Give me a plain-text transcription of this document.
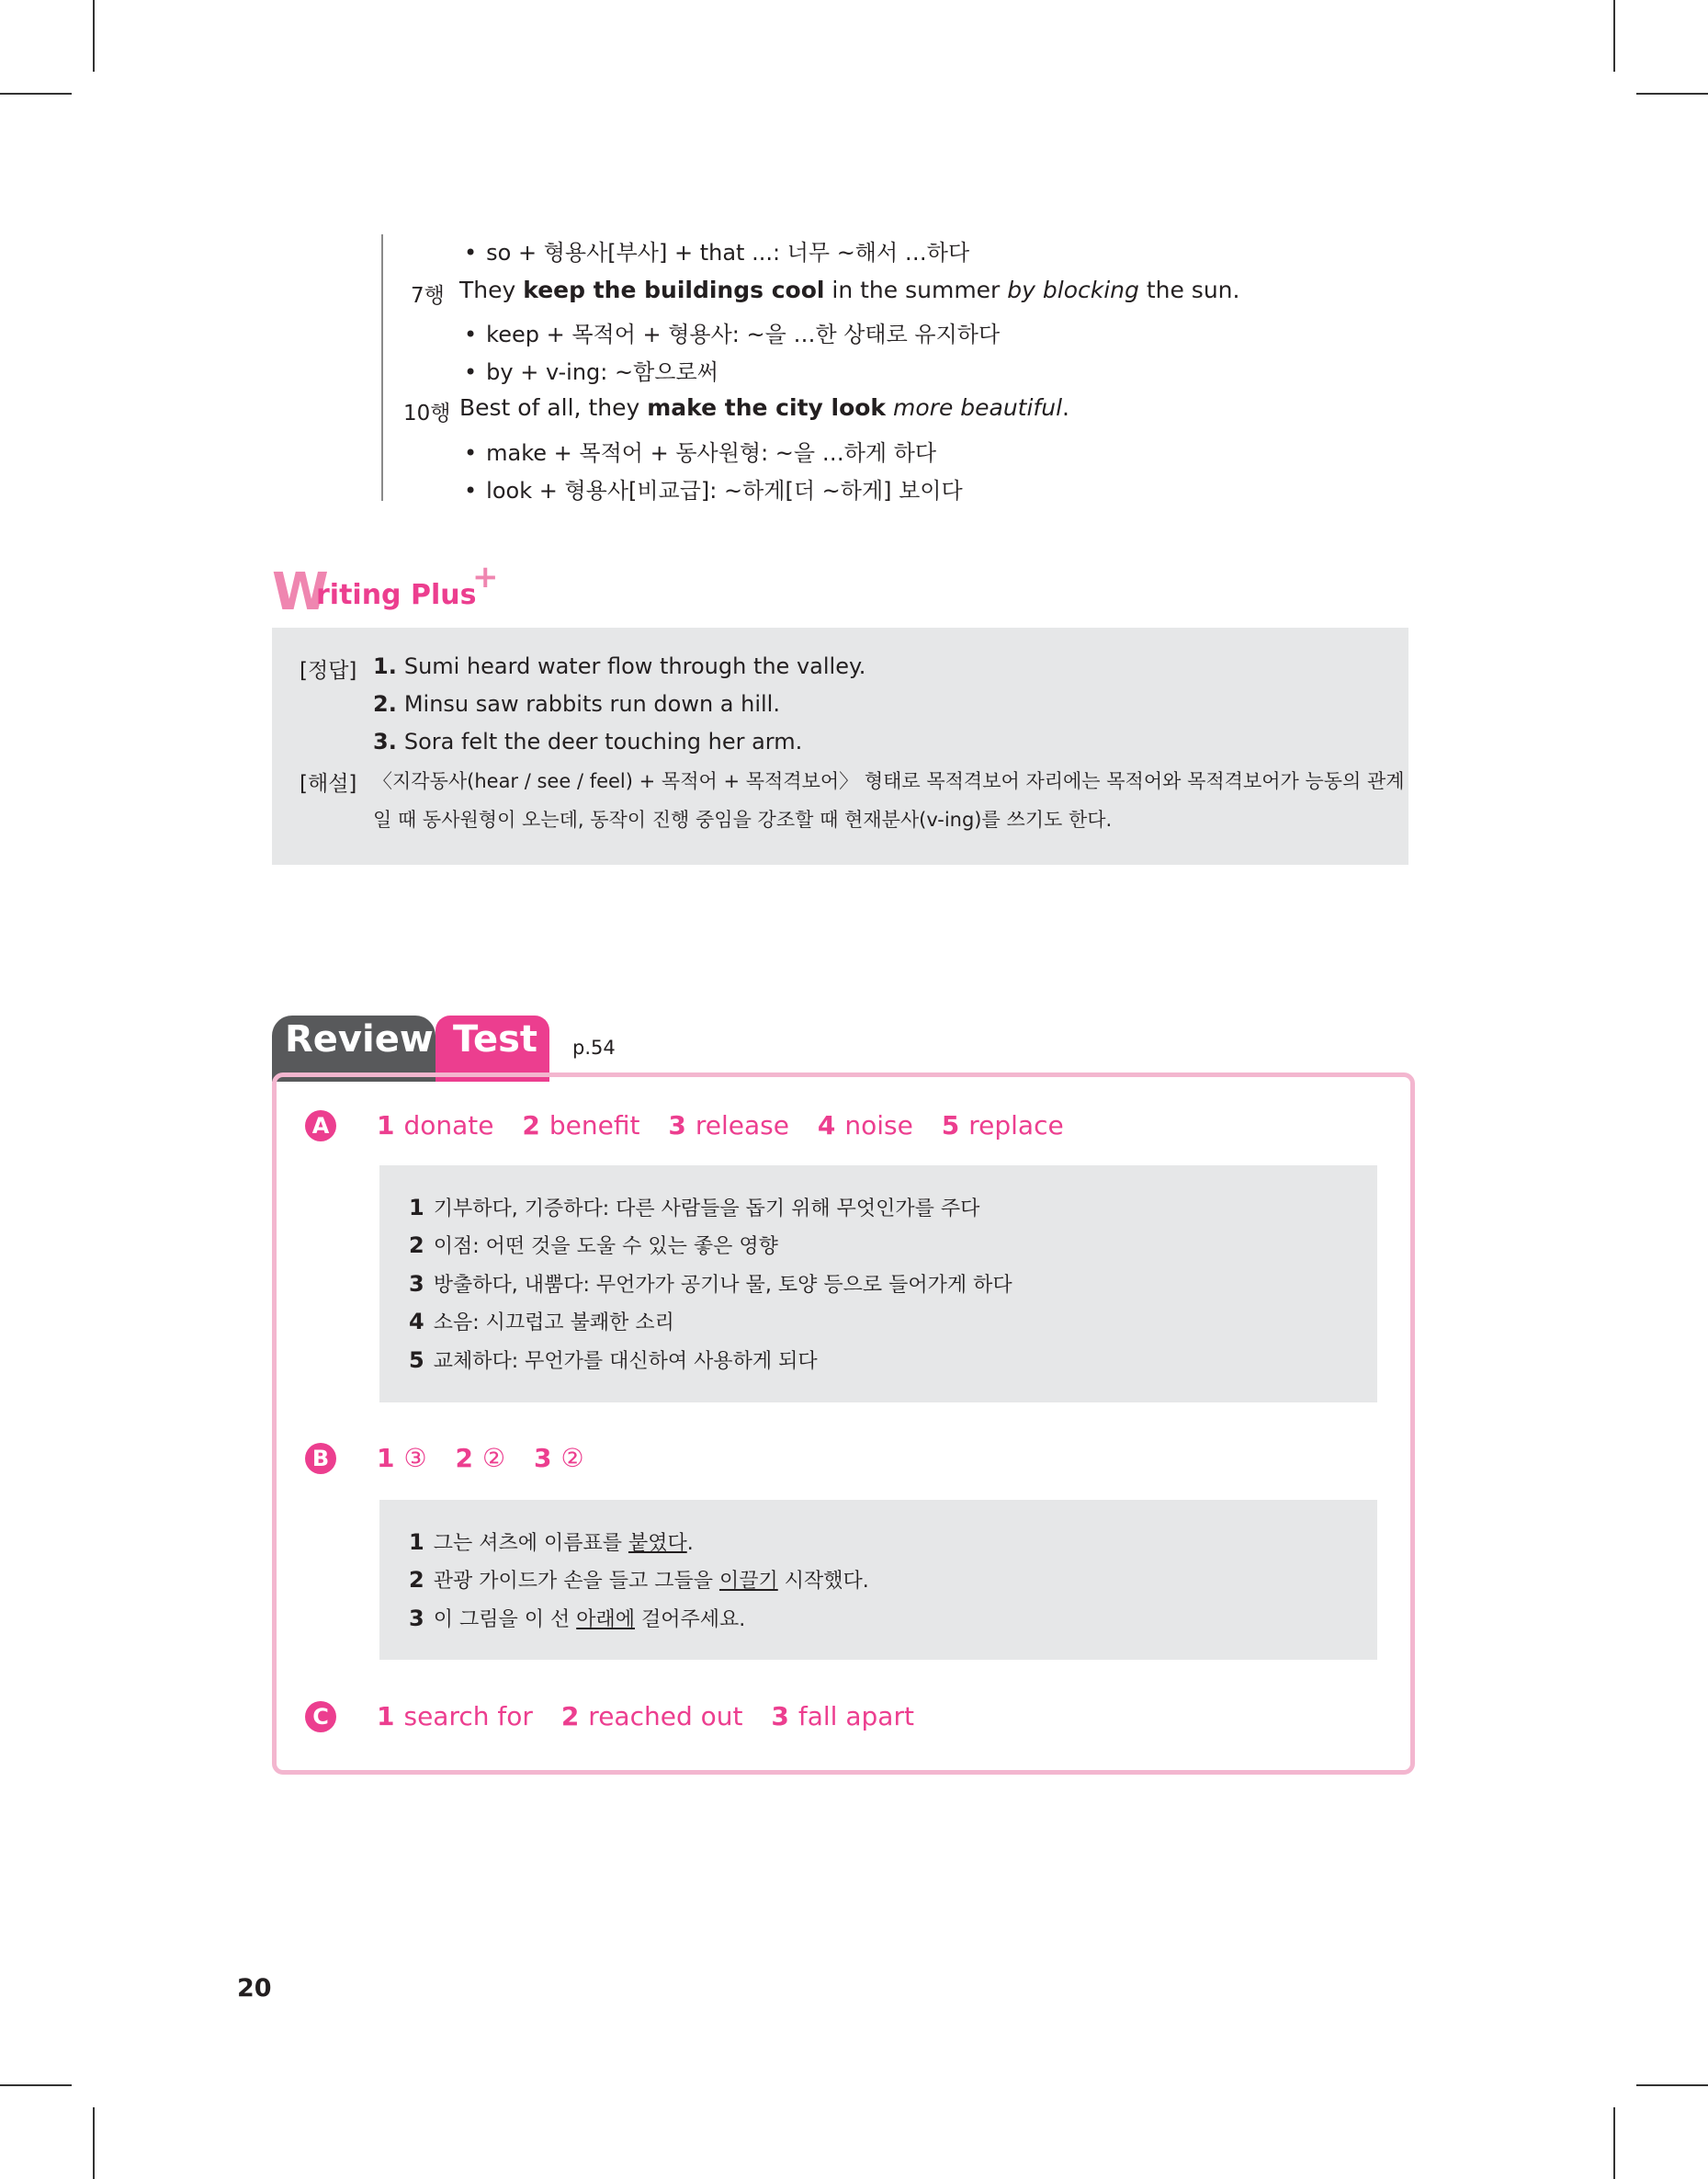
• so + 형용사[부사] + that ...: 너무 ~해서 …하다
7행 They keep the buildings cool in the summer by blocking the sun.
• keep + 목적어 + 형용사: ~을 …한 상태로 유지하다
• by + v-ing: ~함으로써
10행 Best of all, they make the city look more beautiful.
• make + 목적어 + 동사원형: ~을 …하게 하다
• look + 형용사[비교급]: ~하게[더 ~하게] 보이다
W
riting Plus
+
[정답] 1. Sumi heard water flow through the valley.
2. Minsu saw rabbits run down a hill.
3. Sora felt the deer touching her arm.
[해설] 〈지각동사(hear / see / feel) + 목적어 + 목적격보어〉 형태로 목적격보어 자리에는 목적어와 목적격보어가 능동의 관계
일 때 동사원형이 오는데, 동작이 진행 중임을 강조할 때 현재분사(v-ing)를 쓰기도 한다.
Review Test p.54
A 1 donate 2 benefit 3 release 4 noise 5 replace
1 기부하다, 기증하다: 다른 사람들을 돕기 위해 무엇인가를 주다
2 이점: 어떤 것을 도울 수 있는 좋은 영향
3 방출하다, 내뿜다: 무언가가 공기나 물, 토양 등으로 들어가게 하다
4 소음: 시끄럽고 불쾌한 소리
5 교체하다: 무언가를 대신하여 사용하게 되다
B 1 ③ 2 ② 3 ②
1 그는 셔츠에 이름표를 붙였다.
2 관광 가이드가 손을 들고 그들을 이끌기 시작했다.
3 이 그림을 이 선 아래에 걸어주세요.
C 1 search for 2 reached out 3 fall apart
20
